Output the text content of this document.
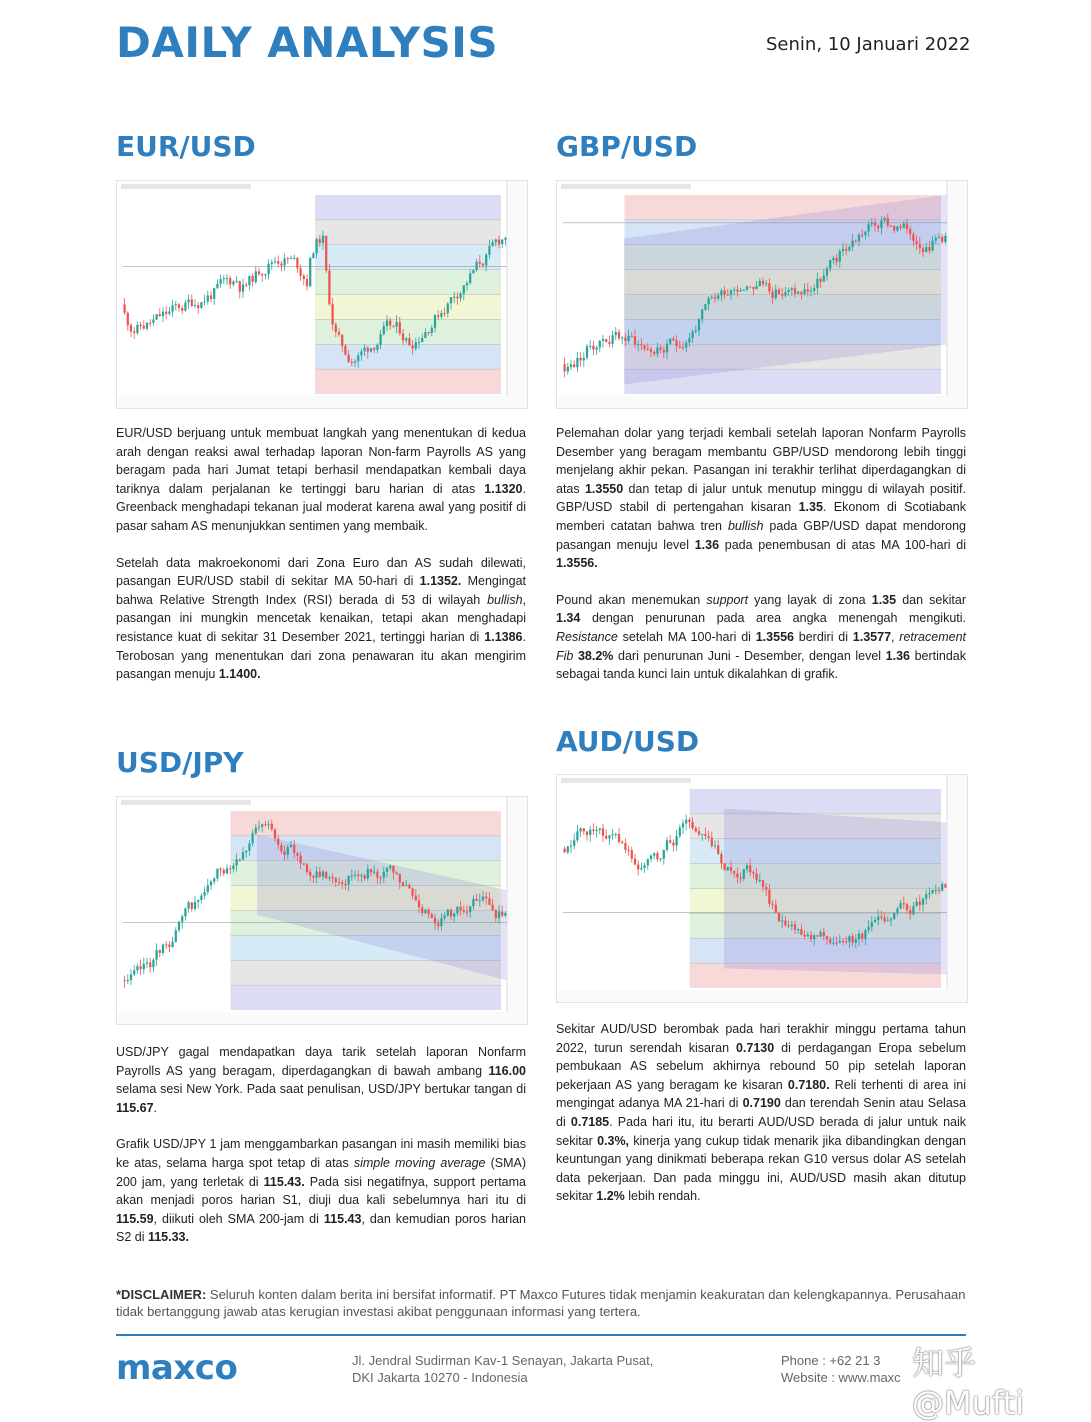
DAILY ANALYSIS	Senin, 10 Januari 2022
EUR/USD

EUR/USD berjuang untuk membuat langkah yang menentukan di kedua arah dengan reaksi awal terhadap laporan Non-farm Payrolls AS yang beragam pada hari Jumat tetapi berhasil mendapatkan kembali daya tariknya dalam perjalanan ke tertinggi baru harian di atas 1.1320. Greenback menghadapi tekanan jual moderat karena awal yang positif di pasar saham AS menunjukkan sentimen yang membaik.

Setelah data makroekonomi dari Zona Euro dan AS sudah dilewati, pasangan EUR/USD stabil di sekitar MA 50-hari di 1.1352. Mengingat bahwa Relative Strength Index (RSI) berada di 53 di wilayah bullish, pasangan ini mungkin mencetak kenaikan, tetapi akan menghadapi resistance kuat di sekitar 31 Desember 2021, tertinggi harian di 1.1386. Terobosan yang menentukan dari zona penawaran itu akan mengirim pasangan menuju 1.1400.

GBP/USD

Pelemahan dolar yang terjadi kembali setelah laporan Nonfarm Payrolls Desember yang beragam membantu GBP/USD mendorong lebih tinggi menjelang akhir pekan. Pasangan ini terakhir terlihat diperdagangkan di atas 1.3550 dan tetap di jalur untuk menutup minggu di wilayah positif. GBP/USD stabil di pertengahan kisaran 1.35. Ekonom di Scotiabank memberi catatan bahwa tren bullish pada GBP/USD dapat mendorong pasangan menuju level 1.36 pada penembusan di atas MA 100-hari di 1.3556.

Pound akan menemukan support yang layak di zona 1.35 dan sekitar 1.34 dengan penurunan pada area angka menengah mengikuti. Resistance setelah MA 100-hari di 1.3556 berdiri di 1.3577, retracement Fib 38.2% dari penurunan Juni - Desember, dengan level 1.36 bertindak sebagai tanda kunci lain untuk dikalahkan di grafik.

USD/JPY

USD/JPY gagal mendapatkan daya tarik setelah laporan Nonfarm Payrolls AS yang beragam, diperdagangkan di bawah ambang 116.00 selama sesi New York. Pada saat penulisan, USD/JPY bertukar tangan di 115.67.

Grafik USD/JPY 1 jam menggambarkan pasangan ini masih memiliki bias ke atas, selama harga spot tetap di atas simple moving average (SMA) 200 jam, yang terletak di 115.43. Pada sisi negatifnya, support pertama akan menjadi poros harian S1, diuji dua kali sebelumnya hari itu di 115.59, diikuti oleh SMA 200-jam di 115.43, dan kemudian poros harian S2 di 115.33.

AUD/USD

Sekitar AUD/USD berombak pada hari terakhir minggu pertama tahun 2022, turun serendah kisaran 0.7130 di perdagangan Eropa sebelum pembukaan AS sebelum akhirnya rebound 50 pip setelah laporan pekerjaan AS yang beragam ke kisaran 0.7180. Reli terhenti di area ini mengingat adanya MA 21-hari di 0.7190 dan terendah Senin atau Selasa di 0.7185. Pada hari itu, itu berarti AUD/USD berada di jalur untuk naik sekitar 0.3%, kinerja yang cukup tidak menarik jika dibandingkan dengan keuntungan yang dinikmati beberapa rekan G10 versus dolar AS setelah data pekerjaan. Dan pada minggu ini, AUD/USD masih akan ditutup sekitar 1.2% lebih rendah.

*DISCLAIMER: Seluruh konten dalam berita ini bersifat informatif. PT Maxco Futures tidak menjamin keakuratan dan kelengkapannya. Perusahaan tidak bertanggung jawab atas kerugian investasi akibat penggunaan informasi yang tertera.
maxco	Jl. Jendral Sudirman Kav-1 Senayan, Jakarta Pusat,
DKI Jakarta 10270 - Indonesia
Phone : +62 21 3
Website : www.maxc 知乎 @Mufti
